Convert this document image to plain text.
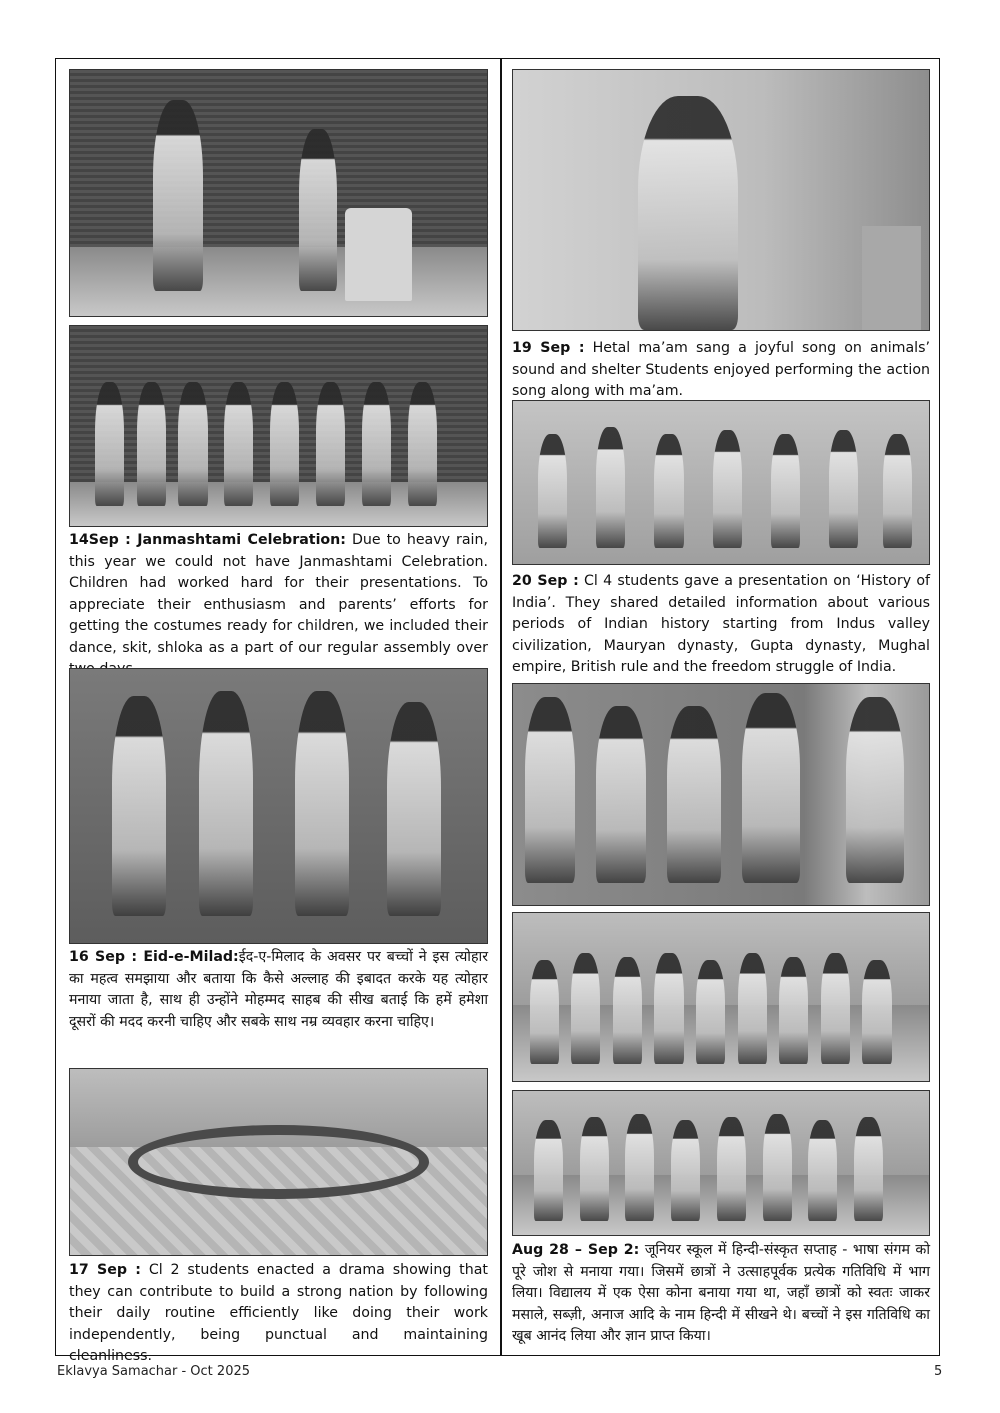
14Sep : Janmashtami Celebration: Due to heavy rain, this year we could not have Janmashtami Celebration. Children had worked hard for their presentations. To appreciate their enthusiasm and parents’ efforts for getting the costumes ready for children, we included their dance, skit, shloka as a part of our regular assembly over
16 Sep : Eid-e-Milad:ईद-ए-मिलाद के अवसर पर बच्चों ने इस त्योहार का महत्व समझाया और बताया कि कैसे अल्लाह की इबादत करके यह त्योहार मनाया जाता है, साथ ही उन्होंने मोहम्मद साहब की सीख बताई कि हमें हमेशा दूसरों की मदद करनी चाहिए और सबके साथ नम्र व्यवहार करना चाहिए।
17 Sep : Cl 2 students enacted a drama showing that they can contribute to build a strong nation by following their daily routine efficiently like doing their work independently, being punctual and maintaining cleanliness.
19 Sep : Hetal ma’am sang a joyful song on animals’ sound and shelter Students enjoyed performing the action song along with ma’am.
20 Sep : Cl 4 students gave a presentation on ‘History of India’. They shared detailed information about various periods of Indian history starting from Indus valley civilization, Mauryan dynasty, Gupta dynasty, Mughal empire, British rule and the freedom struggle of India.
Aug 28 – Sep 2: जूनियर स्कूल में हिन्दी-संस्कृत सप्ताह - भाषा संगम को पूरे जोश से मनाया गया। जिसमें छात्रों ने उत्साहपूर्वक प्रत्येक गतिविधि में भाग लिया। विद्यालय में एक ऐसा कोना बनाया गया था, जहाँ छात्रों को स्वतः जाकर मसाले, सब्ज़ी, अनाज आदि के नाम हिन्दी में सीखने थे। बच्चों ने इस गतिविधि का खूब आनंद लिया और ज्ञान प्राप्त किया।
Eklavya Samachar - Oct 2025	5
